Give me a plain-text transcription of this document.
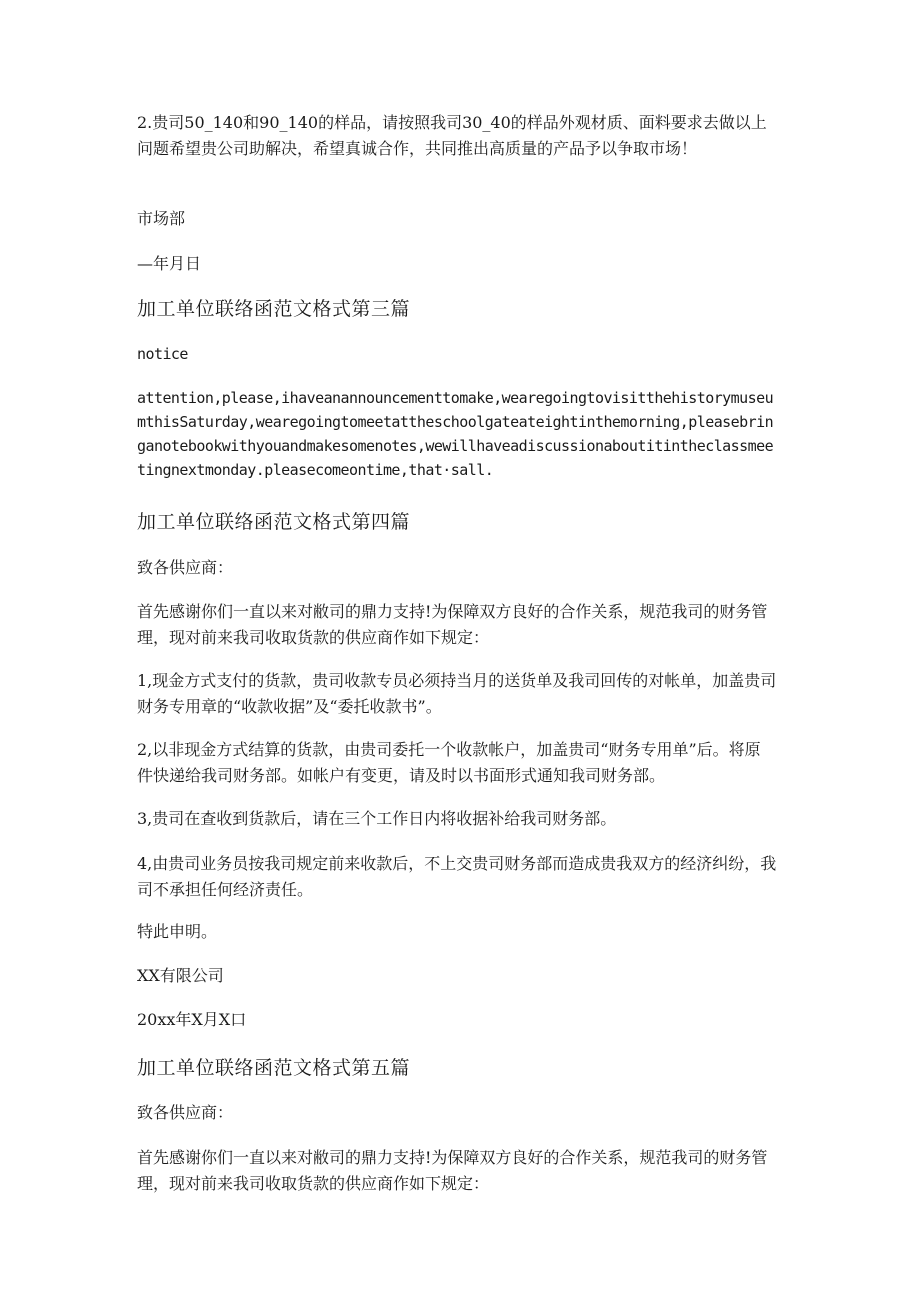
2.贵司50_140和90_140的样品，请按照我司30_40的样品外观材质、面料要求去做以上问题希望贵公司助解决，希望真诚合作，共同推出高质量的产品予以争取市场！

市场部

—年月日

加工单位联络函范文格式第三篇

notice

attention,please,ihaveanannouncementtomake,wearegoingtovisitthehistorymuseumthisSaturday,wearegoingtomeetattheschoolgateateightinthemorning,pleasebringanotebookwithyouandmakesomenotes,wewillhaveadiscussionaboutitintheclassmeetingnextmonday.pleasecomeontime,that·sall.

加工单位联络函范文格式第四篇

致各供应商：

首先感谢你们一直以来对敝司的鼎力支持!为保障双方良好的合作关系，规范我司的财务管理，现对前来我司收取货款的供应商作如下规定：

1,现金方式支付的货款，贵司收款专员必须持当月的送货单及我司回传的对帐单，加盖贵司财务专用章的“收款收据”及“委托收款书”。

2,以非现金方式结算的货款，由贵司委托一个收款帐户，加盖贵司“财务专用单”后。将原件快递给我司财务部。如帐户有变更，请及时以书面形式通知我司财务部。

3,贵司在查收到货款后，请在三个工作日内将收据补给我司财务部。

4,由贵司业务员按我司规定前来收款后，不上交贵司财务部而造成贵我双方的经济纠纷，我司不承担任何经济责任。

特此申明。

XX有限公司

20xx年X月X口

加工单位联络函范文格式第五篇

致各供应商：

首先感谢你们一直以来对敝司的鼎力支持!为保障双方良好的合作关系，规范我司的财务管理，现对前来我司收取货款的供应商作如下规定：
